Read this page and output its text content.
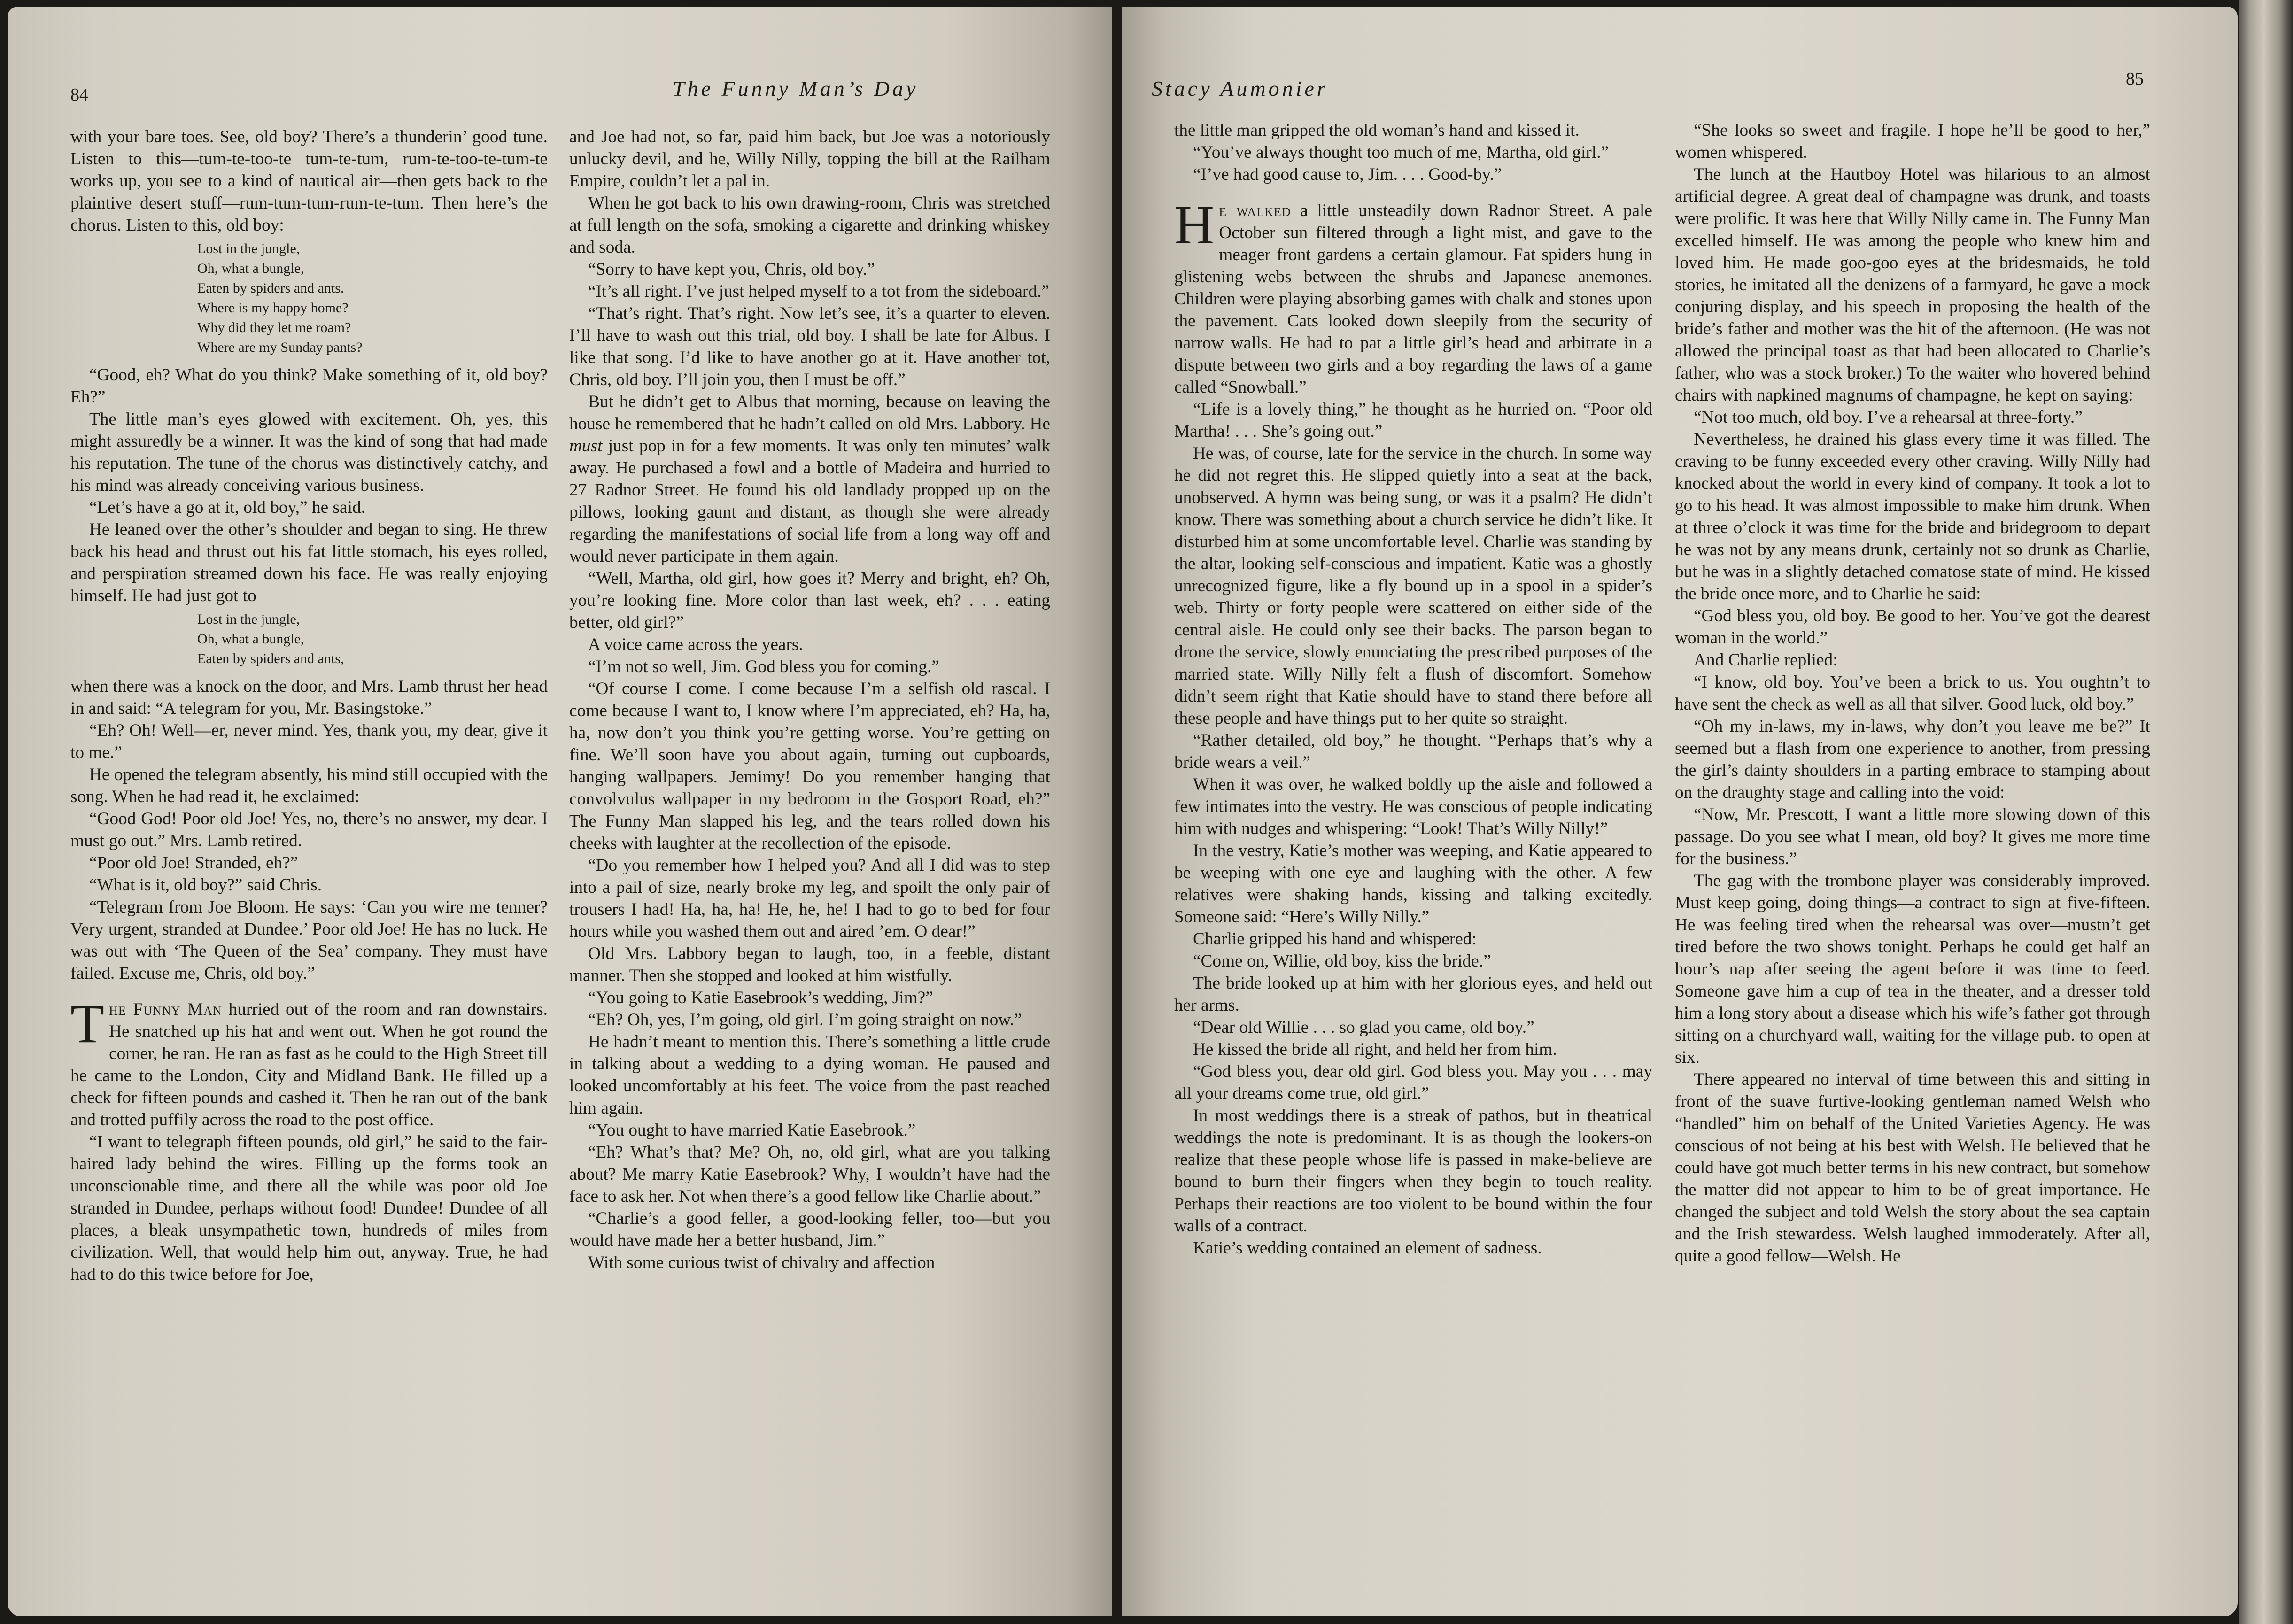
84	The Funny Man’s Day

with your bare toes. See, old boy? There’s a thunderin’ good tune. Listen to this—tum-te-too-te tum-te-tum, rum-te-too-te-tum-te works up, you see to a kind of nautical air—then gets back to the plaintive desert stuff—rum-tum-tum-rum-te-tum. Then here’s the chorus. Listen to this, old boy:

Lost in the jungle,
Oh, what a bungle,
Eaten by spiders and ants.
Where is my happy home?
Why did they let me roam?
Where are my Sunday pants?

“Good, eh? What do you think? Make something of it, old boy? Eh?”

The little man’s eyes glowed with excitement. Oh, yes, this might assuredly be a winner. It was the kind of song that had made his reputation. The tune of the chorus was distinctively catchy, and his mind was already conceiving various business.

“Let’s have a go at it, old boy,” he said.

He leaned over the other’s shoulder and began to sing. He threw back his head and thrust out his fat little stomach, his eyes rolled, and perspiration streamed down his face. He was really enjoying himself. He had just got to

Lost in the jungle,
Oh, what a bungle,
Eaten by spiders and ants,

when there was a knock on the door, and Mrs. Lamb thrust her head in and said: “A telegram for you, Mr. Basingstoke.”

“Eh? Oh! Well—er, never mind. Yes, thank you, my dear, give it to me.”

He opened the telegram absently, his mind still occupied with the song. When he had read it, he exclaimed:

“Good God! Poor old Joe! Yes, no, there’s no answer, my dear. I must go out.” Mrs. Lamb retired.

“Poor old Joe! Stranded, eh?”

“What is it, old boy?” said Chris.

“Telegram from Joe Bloom. He says: ‘Can you wire me tenner? Very urgent, stranded at Dundee.’ Poor old Joe! He has no luck. He was out with ‘The Queen of the Sea’ company. They must have failed. Excuse me, Chris, old boy.”

The Funny Man hurried out of the room and ran downstairs. He snatched up his hat and went out. When he got round the corner, he ran. He ran as fast as he could to the High Street till he came to the London, City and Midland Bank. He filled up a check for fifteen pounds and cashed it. Then he ran out of the bank and trotted puffily across the road to the post office.

“I want to telegraph fifteen pounds, old girl,” he said to the fair-haired lady behind the wires. Filling up the forms took an unconscionable time, and there all the while was poor old Joe stranded in Dundee, perhaps without food! Dundee! Dundee of all places, a bleak unsympathetic town, hundreds of miles from civilization. Well, that would help him out, anyway. True, he had had to do this twice before for Joe,

and Joe had not, so far, paid him back, but Joe was a notoriously unlucky devil, and he, Willy Nilly, topping the bill at the Railham Empire, couldn’t let a pal in.

When he got back to his own drawing-room, Chris was stretched at full length on the sofa, smoking a cigarette and drinking whiskey and soda.

“Sorry to have kept you, Chris, old boy.”

“It’s all right. I’ve just helped myself to a tot from the sideboard.”

“That’s right. That’s right. Now let’s see, it’s a quarter to eleven. I’ll have to wash out this trial, old boy. I shall be late for Albus. I like that song. I’d like to have another go at it. Have another tot, Chris, old boy. I’ll join you, then I must be off.”

But he didn’t get to Albus that morning, because on leaving the house he remembered that he hadn’t called on old Mrs. Labbory. He must just pop in for a few moments. It was only ten minutes’ walk away. He purchased a fowl and a bottle of Madeira and hurried to 27 Radnor Street. He found his old landlady propped up on the pillows, looking gaunt and distant, as though she were already regarding the manifestations of social life from a long way off and would never participate in them again.

“Well, Martha, old girl, how goes it? Merry and bright, eh? Oh, you’re looking fine. More color than last week, eh? . . . eating better, old girl?”

A voice came across the years.

“I’m not so well, Jim. God bless you for coming.”

“Of course I come. I come because I’m a selfish old rascal. I come because I want to, I know where I’m appreciated, eh? Ha, ha, ha, now don’t you think you’re getting worse. You’re getting on fine. We’ll soon have you about again, turning out cupboards, hanging wallpapers. Jemimy! Do you remember hanging that convolvulus wallpaper in my bedroom in the Gosport Road, eh?” The Funny Man slapped his leg, and the tears rolled down his cheeks with laughter at the recollection of the episode.

“Do you remember how I helped you? And all I did was to step into a pail of size, nearly broke my leg, and spoilt the only pair of trousers I had! Ha, ha, ha! He, he, he! I had to go to bed for four hours while you washed them out and aired ’em. O dear!”

Old Mrs. Labbory began to laugh, too, in a feeble, distant manner. Then she stopped and looked at him wistfully.

“You going to Katie Easebrook’s wedding, Jim?”

“Eh? Oh, yes, I’m going, old girl. I’m going straight on now.”

He hadn’t meant to mention this. There’s something a little crude in talking about a wedding to a dying woman. He paused and looked uncomfortably at his feet. The voice from the past reached him again.

“You ought to have married Katie Easebrook.”

“Eh? What’s that? Me? Oh, no, old girl, what are you talking about? Me marry Katie Easebrook? Why, I wouldn’t have had the face to ask her. Not when there’s a good fellow like Charlie about.”

“Charlie’s a good feller, a good-looking feller, too—but you would have made her a better husband, Jim.”

With some curious twist of chivalry and affection

Stacy Aumonier	85

the little man gripped the old woman’s hand and kissed it.

“You’ve always thought too much of me, Martha, old girl.”

“I’ve had good cause to, Jim. . . . Good-by.”

He walked a little unsteadily down Radnor Street. A pale October sun filtered through a light mist, and gave to the meager front gardens a certain glamour. Fat spiders hung in glistening webs between the shrubs and Japanese anemones. Children were playing absorbing games with chalk and stones upon the pavement. Cats looked down sleepily from the security of narrow walls. He had to pat a little girl’s head and arbitrate in a dispute between two girls and a boy regarding the laws of a game called “Snowball.”

“Life is a lovely thing,” he thought as he hurried on. “Poor old Martha! . . . She’s going out.”

He was, of course, late for the service in the church. In some way he did not regret this. He slipped quietly into a seat at the back, unobserved. A hymn was being sung, or was it a psalm? He didn’t know. There was something about a church service he didn’t like. It disturbed him at some uncomfortable level. Charlie was standing by the altar, looking self-conscious and impatient. Katie was a ghostly unrecognized figure, like a fly bound up in a spool in a spider’s web. Thirty or forty people were scattered on either side of the central aisle. He could only see their backs. The parson began to drone the service, slowly enunciating the prescribed purposes of the married state. Willy Nilly felt a flush of discomfort. Somehow didn’t seem right that Katie should have to stand there before all these people and have things put to her quite so straight.

“Rather detailed, old boy,” he thought. “Perhaps that’s why a bride wears a veil.”

When it was over, he walked boldly up the aisle and followed a few intimates into the vestry. He was conscious of people indicating him with nudges and whispering: “Look! That’s Willy Nilly!”

In the vestry, Katie’s mother was weeping, and Katie appeared to be weeping with one eye and laughing with the other. A few relatives were shaking hands, kissing and talking excitedly. Someone said: “Here’s Willy Nilly.”

Charlie gripped his hand and whispered:

“Come on, Willie, old boy, kiss the bride.”

The bride looked up at him with her glorious eyes, and held out her arms.

“Dear old Willie . . . so glad you came, old boy.”

He kissed the bride all right, and held her from him.

“God bless you, dear old girl. God bless you. May you . . . may all your dreams come true, old girl.”

In most weddings there is a streak of pathos, but in theatrical weddings the note is predominant. It is as though the lookers-on realize that these people whose life is passed in make-believe are bound to burn their fingers when they begin to touch reality. Perhaps their reactions are too violent to be bound within the four walls of a contract.

Katie’s wedding contained an element of sadness.

“She looks so sweet and fragile. I hope he’ll be good to her,” women whispered.

The lunch at the Hautboy Hotel was hilarious to an almost artificial degree. A great deal of champagne was drunk, and toasts were prolific. It was here that Willy Nilly came in. The Funny Man excelled himself. He was among the people who knew him and loved him. He made goo-goo eyes at the bridesmaids, he told stories, he imitated all the denizens of a farmyard, he gave a mock conjuring display, and his speech in proposing the health of the bride’s father and mother was the hit of the afternoon. (He was not allowed the principal toast as that had been allocated to Charlie’s father, who was a stock broker.) To the waiter who hovered behind chairs with napkined magnums of champagne, he kept on saying:

“Not too much, old boy. I’ve a rehearsal at three-forty.”

Nevertheless, he drained his glass every time it was filled. The craving to be funny exceeded every other craving. Willy Nilly had knocked about the world in every kind of company. It took a lot to go to his head. It was almost impossible to make him drunk. When at three o’clock it was time for the bride and bridegroom to depart he was not by any means drunk, certainly not so drunk as Charlie, but he was in a slightly detached comatose state of mind. He kissed the bride once more, and to Charlie he said:

“God bless you, old boy. Be good to her. You’ve got the dearest woman in the world.”

And Charlie replied:

“I know, old boy. You’ve been a brick to us. You oughtn’t to have sent the check as well as all that silver. Good luck, old boy.”

“Oh my in-laws, my in-laws, why don’t you leave me be?” It seemed but a flash from one experience to another, from pressing the girl’s dainty shoulders in a parting embrace to stamping about on the draughty stage and calling into the void:

“Now, Mr. Prescott, I want a little more slowing down of this passage. Do you see what I mean, old boy? It gives me more time for the business.”

The gag with the trombone player was considerably improved. Must keep going, doing things—a contract to sign at five-fifteen. He was feeling tired when the rehearsal was over—mustn’t get tired before the two shows tonight. Perhaps he could get half an hour’s nap after seeing the agent before it was time to feed. Someone gave him a cup of tea in the theater, and a dresser told him a long story about a disease which his wife’s father got through sitting on a churchyard wall, waiting for the village pub. to open at six.

There appeared no interval of time between this and sitting in front of the suave furtive-looking gentleman named Welsh who “handled” him on behalf of the United Varieties Agency. He was conscious of not being at his best with Welsh. He believed that he could have got much better terms in his new contract, but somehow the matter did not appear to him to be of great importance. He changed the subject and told Welsh the story about the sea captain and the Irish stewardess. Welsh laughed immoderately. After all, quite a good fellow—Welsh. He
